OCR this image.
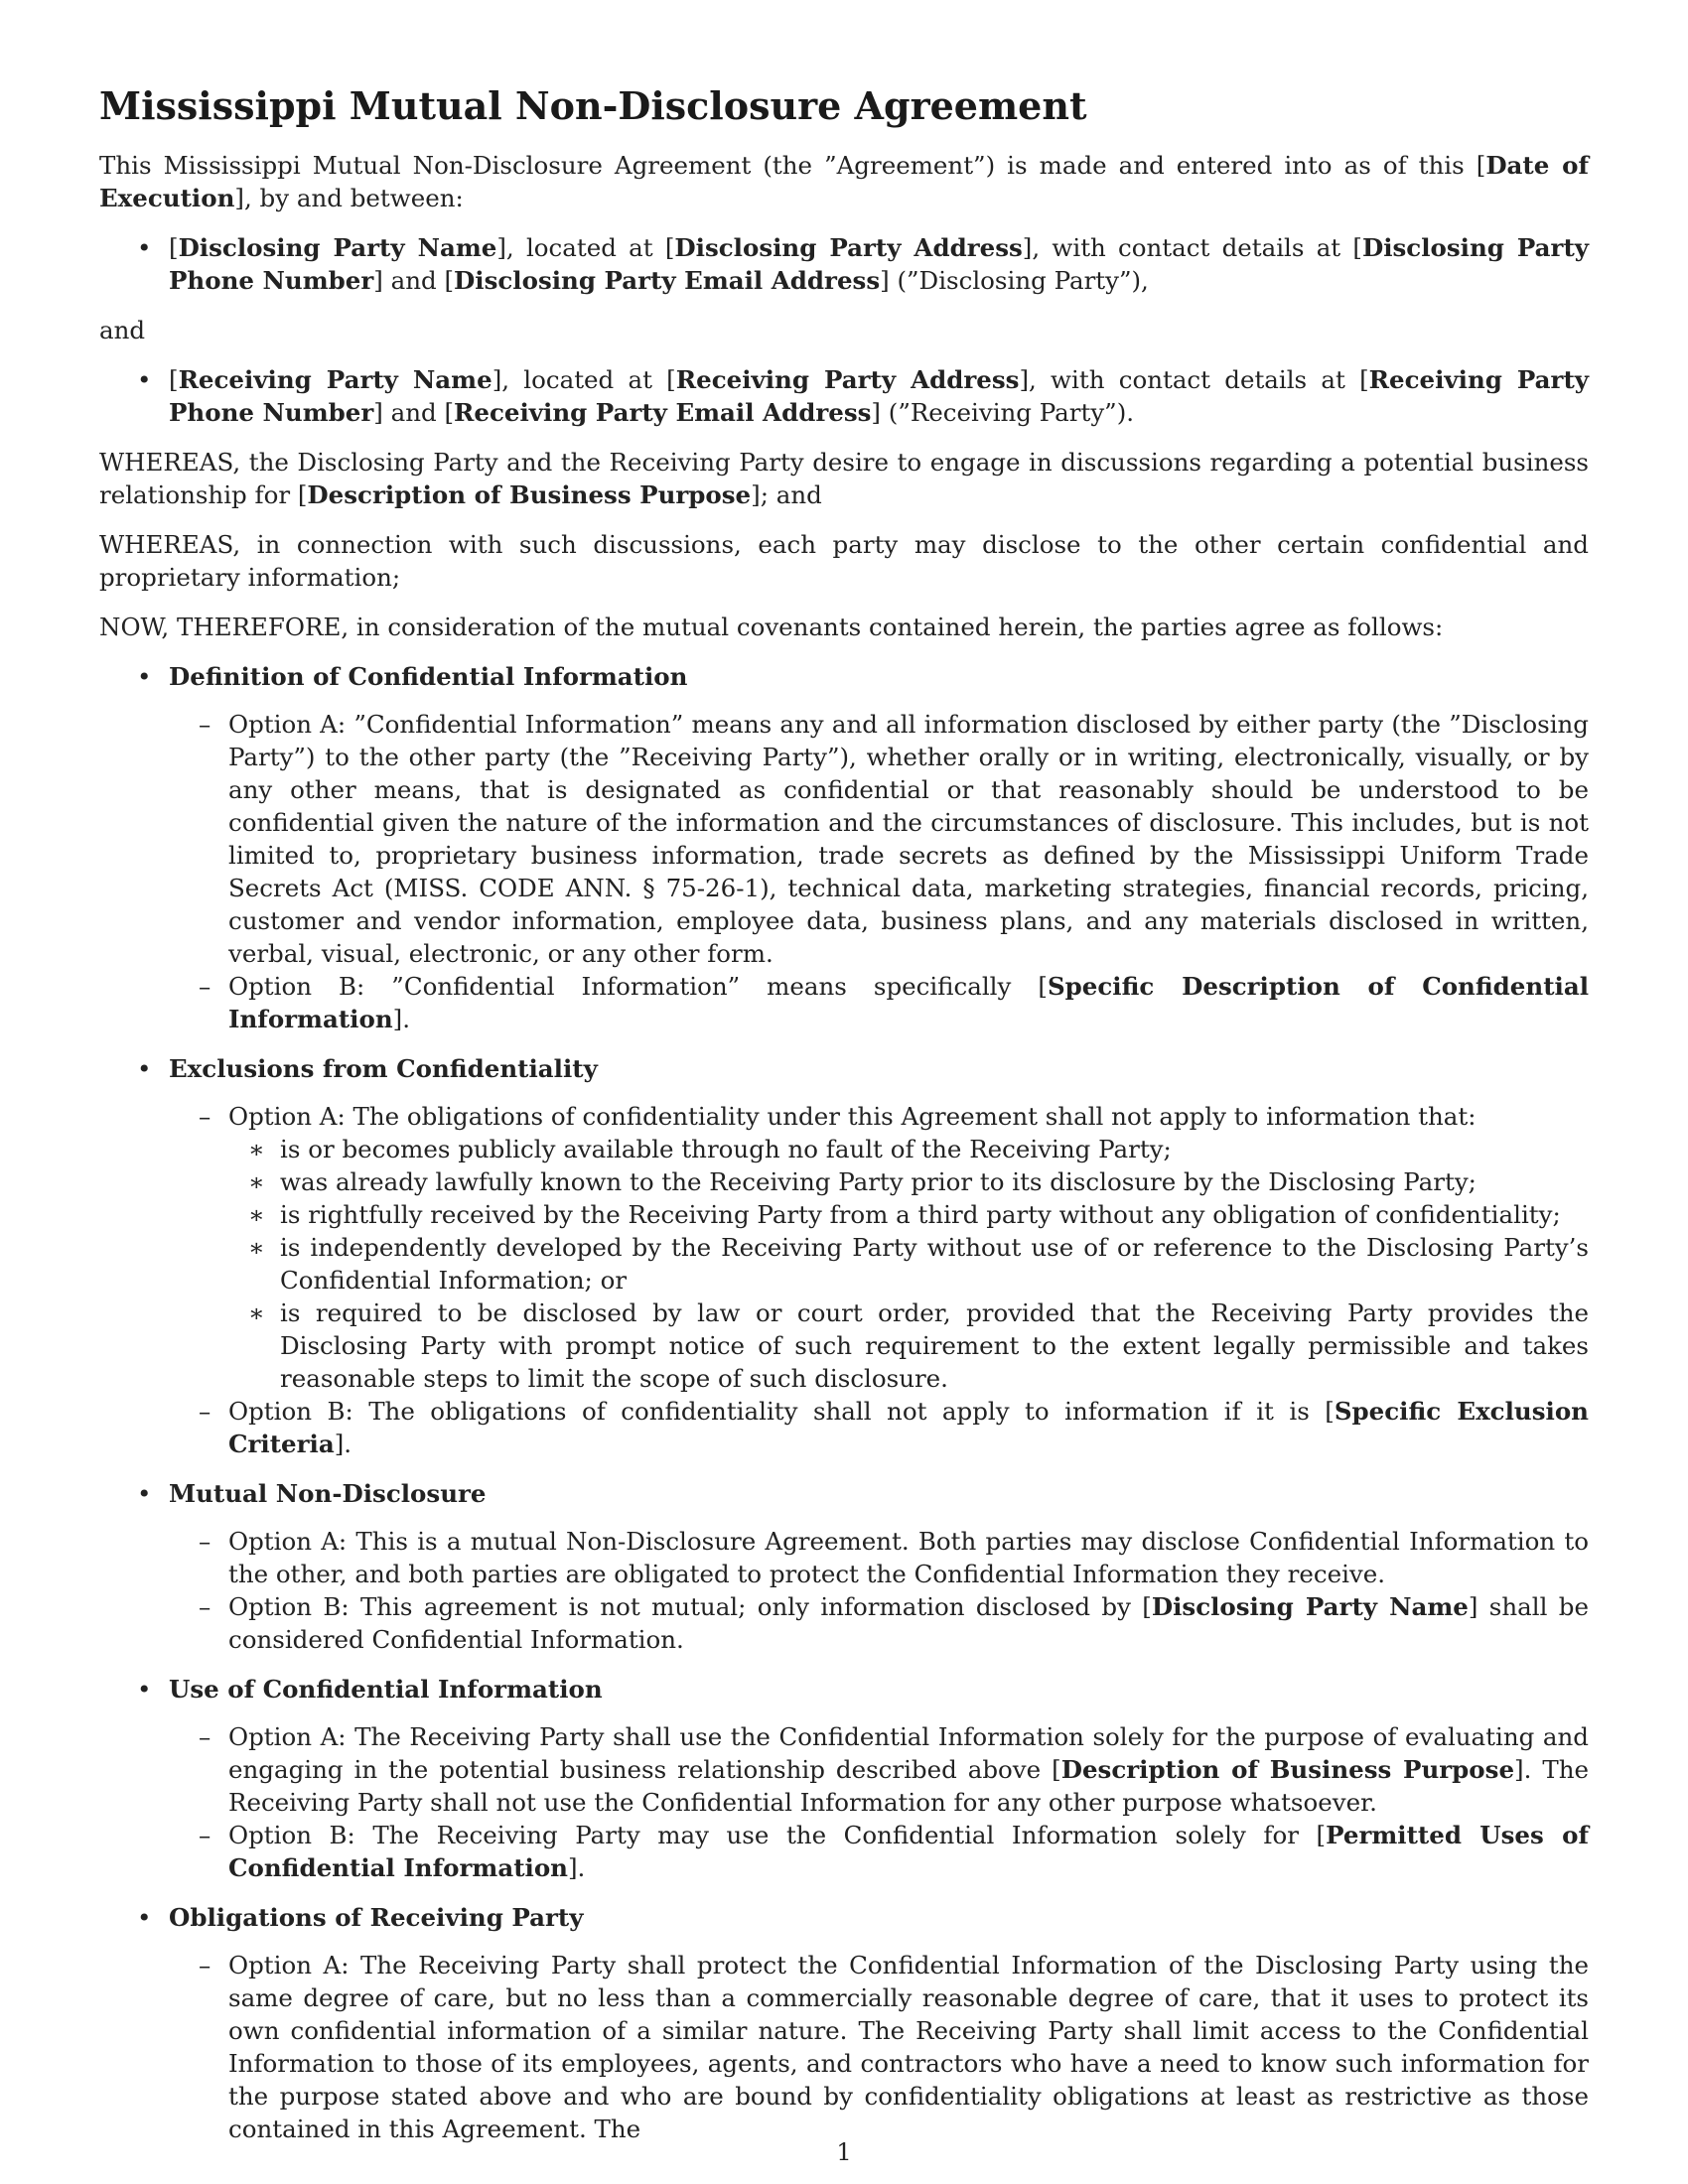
Mississippi Mutual Non-Disclosure Agreement

This Mississippi Mutual Non-Disclosure Agreement (the ”Agreement”) is made and entered into as of this [Date of Execution], by and between:

• [Disclosing Party Name], located at [Disclosing Party Address], with contact details at [Disclosing Party Phone Number] and [Disclosing Party Email Address] (”Disclosing Party”),

and

• [Receiving Party Name], located at [Receiving Party Address], with contact details at [Receiving Party Phone Number] and [Receiving Party Email Address] (”Receiving Party”).

WHEREAS, the Disclosing Party and the Receiving Party desire to engage in discussions regarding a potential business relationship for [Description of Business Purpose]; and

WHEREAS, in connection with such discussions, each party may disclose to the other certain confidential and proprietary information;

NOW, THEREFORE, in consideration of the mutual covenants contained herein, the parties agree as follows:

• Definition of Confidential Information
– Option A: ”Confidential Information” means any and all information disclosed by either party (the ”Disclosing Party”) to the other party (the ”Receiving Party”), whether orally or in writing, electronically, visually, or by any other means, that is designated as confidential or that reasonably should be understood to be confidential given the nature of the information and the circumstances of disclosure. This includes, but is not limited to, proprietary business information, trade secrets as defined by the Mississippi Uniform Trade Secrets Act (MISS. CODE ANN. § 75-26-1), technical data, marketing strategies, financial records, pricing, customer and vendor information, employee data, business plans, and any materials disclosed in written, verbal, visual, electronic, or any other form.
– Option B: ”Confidential Information” means specifically [Specific Description of Confidential Information].
• Exclusions from Confidentiality
– Option A: The obligations of confidentiality under this Agreement shall not apply to information that:
∗ is or becomes publicly available through no fault of the Receiving Party;
∗ was already lawfully known to the Receiving Party prior to its disclosure by the Disclosing Party;
∗ is rightfully received by the Receiving Party from a third party without any obligation of confidentiality;
∗ is independently developed by the Receiving Party without use of or reference to the Disclosing Party’s Confidential Information; or
∗ is required to be disclosed by law or court order, provided that the Receiving Party provides the Disclosing Party with prompt notice of such requirement to the extent legally permissible and takes reasonable steps to limit the scope of such disclosure.
– Option B: The obligations of confidentiality shall not apply to information if it is [Specific Exclusion Criteria].
• Mutual Non-Disclosure
– Option A: This is a mutual Non-Disclosure Agreement. Both parties may disclose Confidential Information to the other, and both parties are obligated to protect the Confidential Information they receive.
– Option B: This agreement is not mutual; only information disclosed by [Disclosing Party Name] shall be considered Confidential Information.
• Use of Confidential Information
– Option A: The Receiving Party shall use the Confidential Information solely for the purpose of evaluating and engaging in the potential business relationship described above [Description of Business Purpose]. The Receiving Party shall not use the Confidential Information for any other purpose whatsoever.
– Option B: The Receiving Party may use the Confidential Information solely for [Permitted Uses of Confidential Information].
• Obligations of Receiving Party
– Option A: The Receiving Party shall protect the Confidential Information of the Disclosing Party using the same degree of care, but no less than a commercially reasonable degree of care, that it uses to protect its own confidential information of a similar nature. The Receiving Party shall limit access to the Confidential Information to those of its employees, agents, and contractors who have a need to know such information for the purpose stated above and who are bound by confidentiality obligations at least as restrictive as those contained in this Agreement. The
1
